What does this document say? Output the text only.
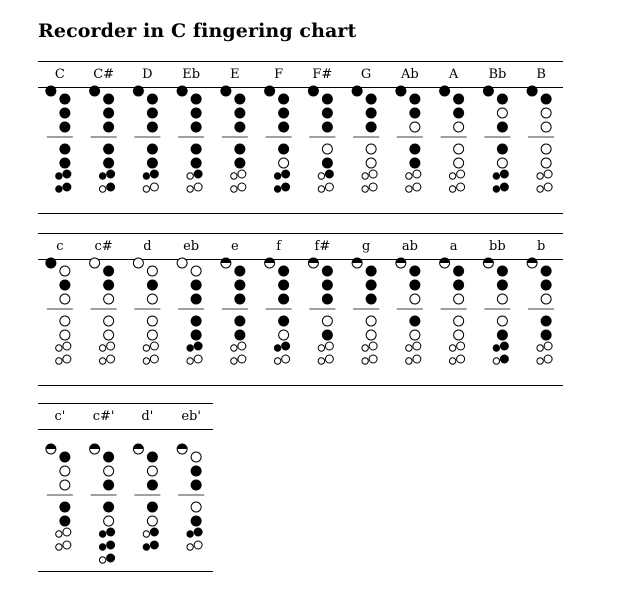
Recorder in C fingering chart
C C# D Eb E	F F# G Ab A Bb B
c c# d eb e	f	f# g ab a bb b
c' c#' d' eb'
